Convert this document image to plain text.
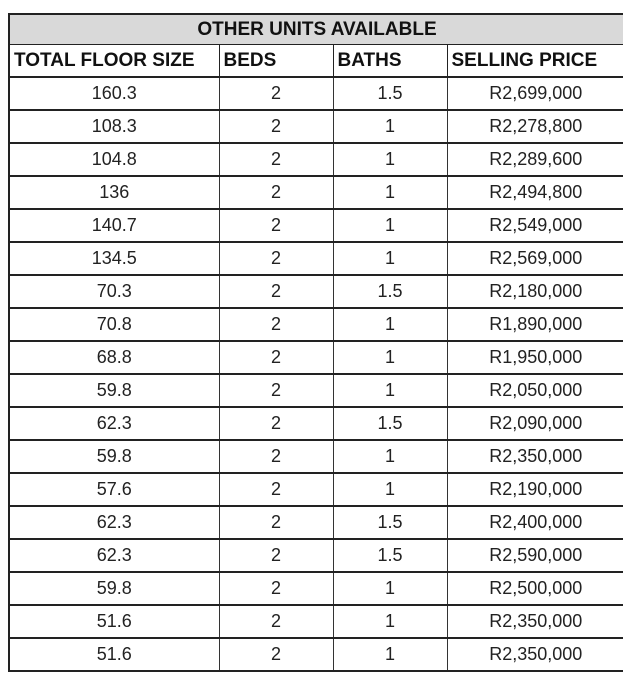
OTHER UNITS AVAILABLE			
TOTAL FLOOR SIZE	BEDS	BATHS	SELLING PRICE
160.3	2	1.5	R2,699,000
108.3	2	1	R2,278,800
104.8	2	1	R2,289,600
136	2	1	R2,494,800
140.7	2	1	R2,549,000
134.5	2	1	R2,569,000
70.3	2	1.5	R2,180,000
70.8	2	1	R1,890,000
68.8	2	1	R1,950,000
59.8	2	1	R2,050,000
62.3	2	1.5	R2,090,000
59.8	2	1	R2,350,000
57.6	2	1	R2,190,000
62.3	2	1.5	R2,400,000
62.3	2	1.5	R2,590,000
59.8	2	1	R2,500,000
51.6	2	1	R2,350,000
51.6	2	1	R2,350,000
